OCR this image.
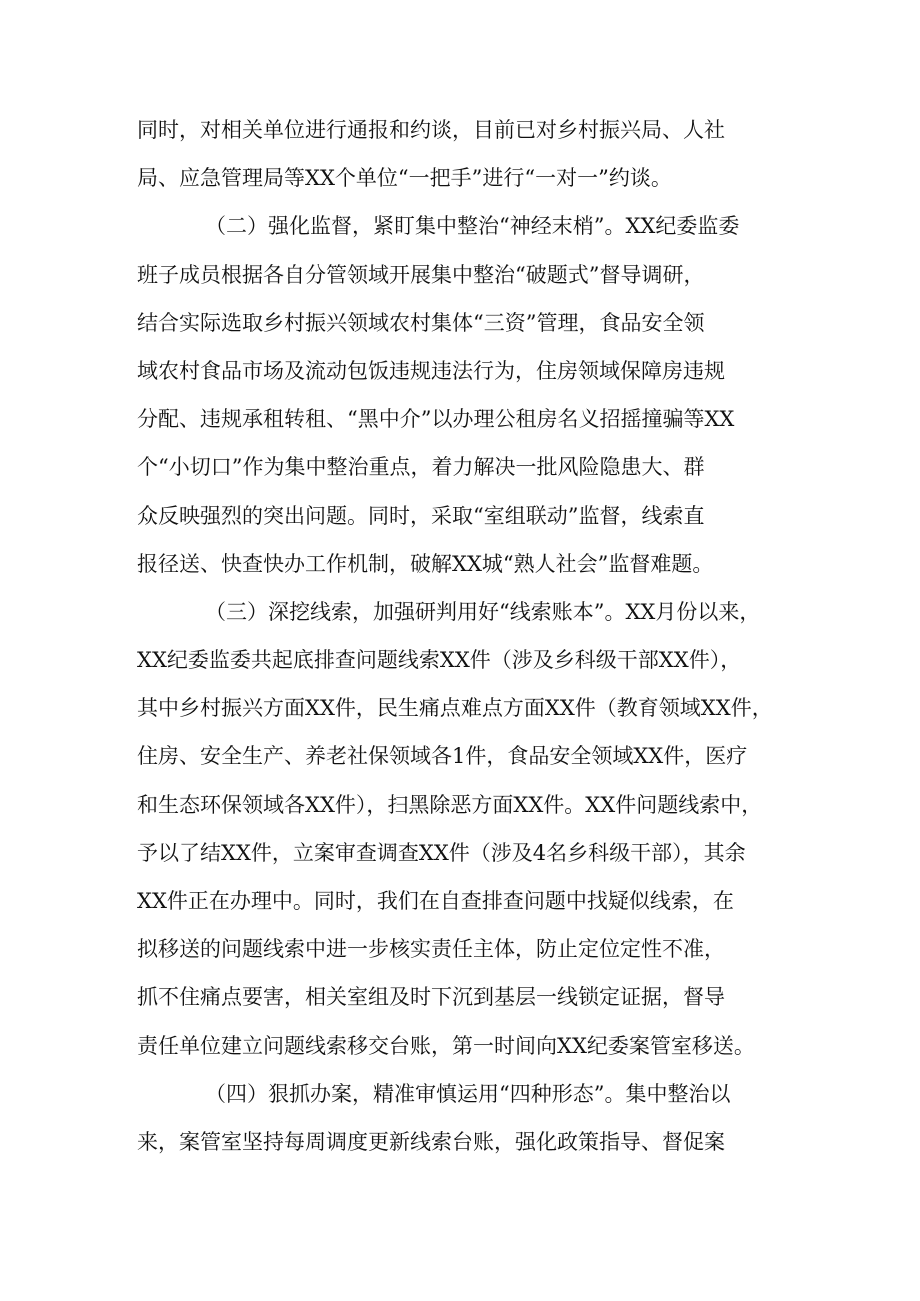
同时，对相关单位进行通报和约谈，目前已对乡村振兴局、人社
局、应急管理局等XX个单位“一把手”进行“一对一”约谈。
（二）强化监督，紧盯集中整治“神经末梢”。XX纪委监委
班子成员根据各自分管领域开展集中整治“破题式”督导调研，
结合实际选取乡村振兴领域农村集体“三资”管理，食品安全领
域农村食品市场及流动包饭违规违法行为，住房领域保障房违规
分配、违规承租转租、“黑中介”以办理公租房名义招摇撞骗等XX
个“小切口”作为集中整治重点，着力解决一批风险隐患大、群
众反映强烈的突出问题。同时，采取“室组联动”监督，线索直
报径送、快查快办工作机制，破解XX城“熟人社会”监督难题。
（三）深挖线索，加强研判用好“线索账本”。XX月份以来，
XX纪委监委共起底排查问题线索XX件（涉及乡科级干部XX件），
其中乡村振兴方面XX件，民生痛点难点方面XX件（教育领域XX件，
住房、安全生产、养老社保领域各1件，食品安全领域XX件，医疗
和生态环保领域各XX件），扫黑除恶方面XX件。XX件问题线索中，
予以了结XX件，立案审查调查XX件（涉及4名乡科级干部），其余
XX件正在办理中。同时，我们在自查排查问题中找疑似线索，在
拟移送的问题线索中进一步核实责任主体，防止定位定性不准，
抓不住痛点要害，相关室组及时下沉到基层一线锁定证据，督导
责任单位建立问题线索移交台账，第一时间向XX纪委案管室移送。
（四）狠抓办案，精准审慎运用“四种形态”。集中整治以
来，案管室坚持每周调度更新线索台账，强化政策指导、督促案
